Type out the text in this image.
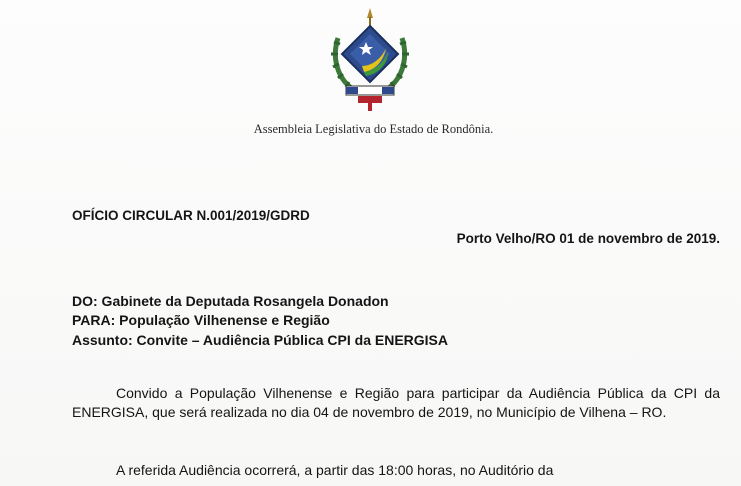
Assembleia Legislativa do Estado de Rondônia.
OFÍCIO CIRCULAR N.001/2019/GDRD
Porto Velho/RO 01 de novembro de 2019.
DO: Gabinete da Deputada Rosangela Donadon
PARA: População Vilhenense e Região
Assunto: Convite – Audiência Pública CPI da ENERGISA

Convido a População Vilhenense e Região para participar da Audiência Pública da CPI da ENERGISA, que será realizada no dia 04 de novembro de 2019, no Município de Vilhena – RO.

A referida Audiência ocorrerá, a partir das 18:00 horas, no Auditório da
